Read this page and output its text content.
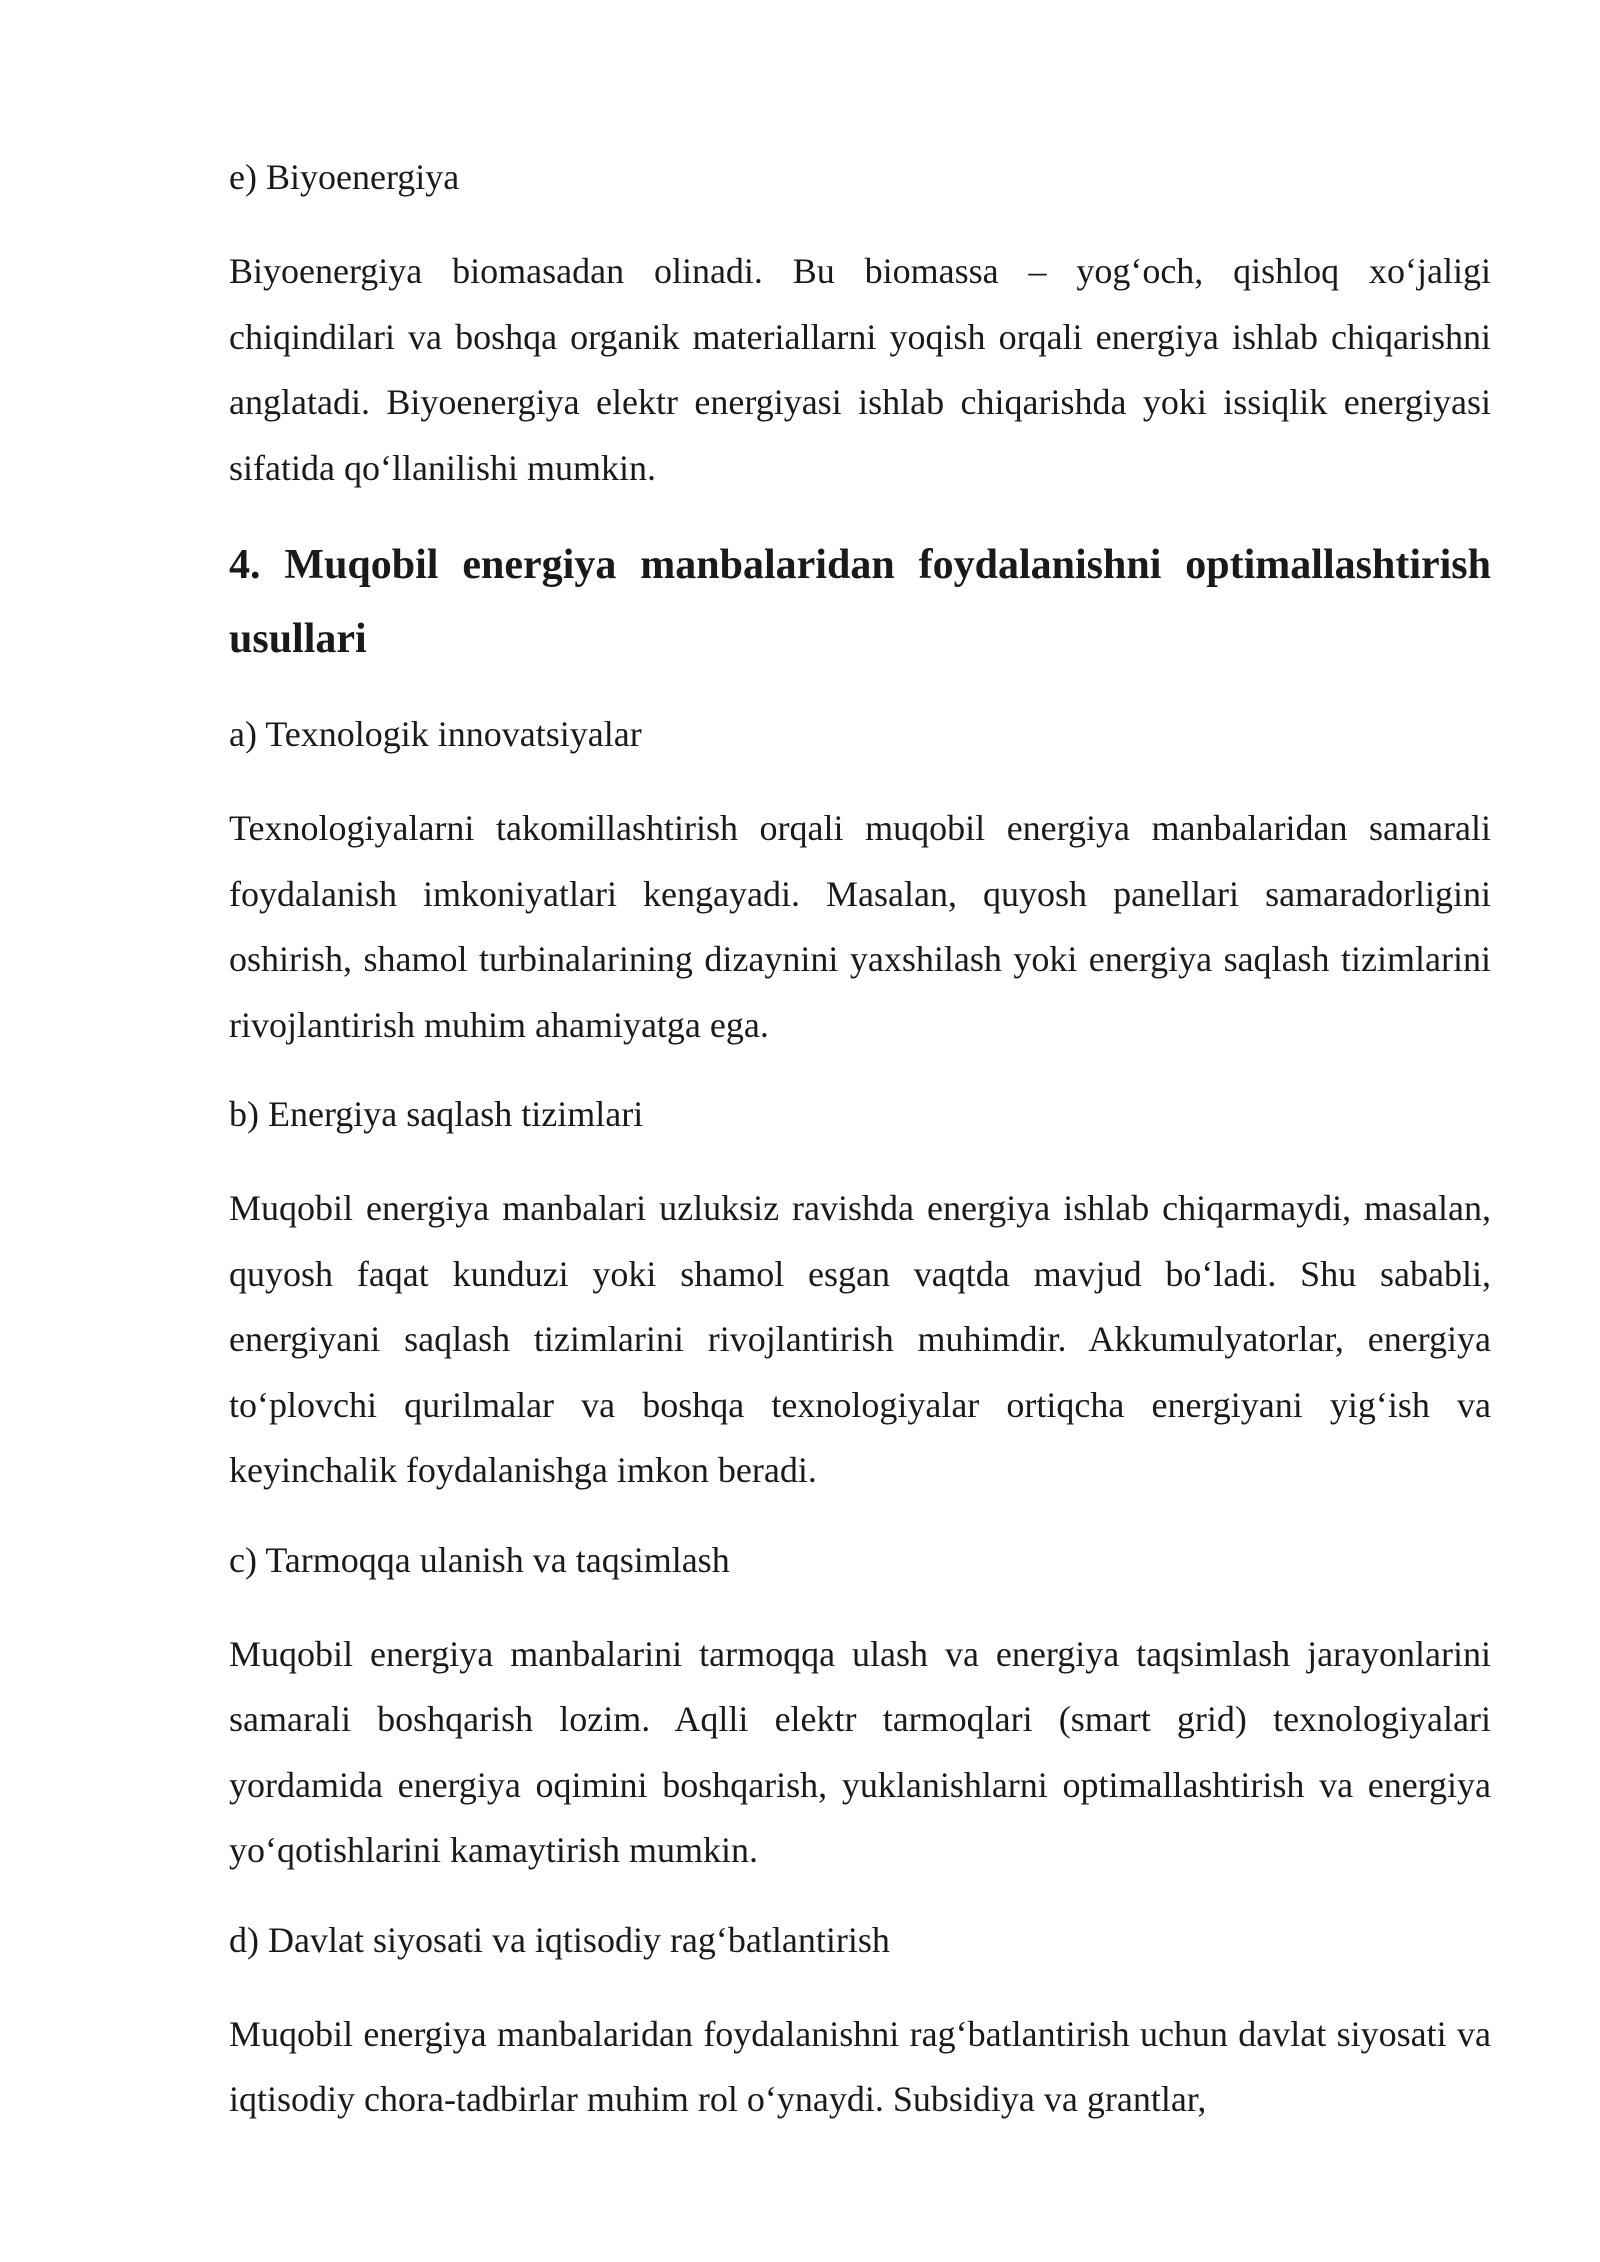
e) Biyoenergiya

Biyoenergiya biomasadan olinadi. Bu biomassa – yog‘och, qishloq xo‘jaligi chiqindilari va boshqa organik materiallarni yoqish orqali energiya ishlab chiqarishni anglatadi. Biyoenergiya elektr energiyasi ishlab chiqarishda yoki issiqlik energiyasi sifatida qo‘llanilishi mumkin.

4. Muqobil energiya manbalaridan foydalanishni optimallashtirish usullari
a) Texnologik innovatsiyalar

Texnologiyalarni takomillashtirish orqali muqobil energiya manbalaridan samarali foydalanish imkoniyatlari kengayadi. Masalan, quyosh panellari samaradorligini oshirish, shamol turbinalarining dizaynini yaxshilash yoki energiya saqlash tizimlarini rivojlantirish muhim ahamiyatga ega.

b) Energiya saqlash tizimlari

Muqobil energiya manbalari uzluksiz ravishda energiya ishlab chiqarmaydi, masalan, quyosh faqat kunduzi yoki shamol esgan vaqtda mavjud bo‘ladi. Shu sababli, energiyani saqlash tizimlarini rivojlantirish muhimdir. Akkumulyatorlar, energiya to‘plovchi qurilmalar va boshqa texnologiyalar ortiqcha energiyani yig‘ish va keyinchalik foydalanishga imkon beradi.

c) Tarmoqqa ulanish va taqsimlash

Muqobil energiya manbalarini tarmoqqa ulash va energiya taqsimlash jarayonlarini samarali boshqarish lozim. Aqlli elektr tarmoqlari (smart grid) texnologiyalari yordamida energiya oqimini boshqarish, yuklanishlarni optimallashtirish va energiya yo‘qotishlarini kamaytirish mumkin.

d) Davlat siyosati va iqtisodiy rag‘batlantirish

Muqobil energiya manbalaridan foydalanishni rag‘batlantirish uchun davlat siyosati va iqtisodiy chora-tadbirlar muhim rol o‘ynaydi. Subsidiya va grantlar,
